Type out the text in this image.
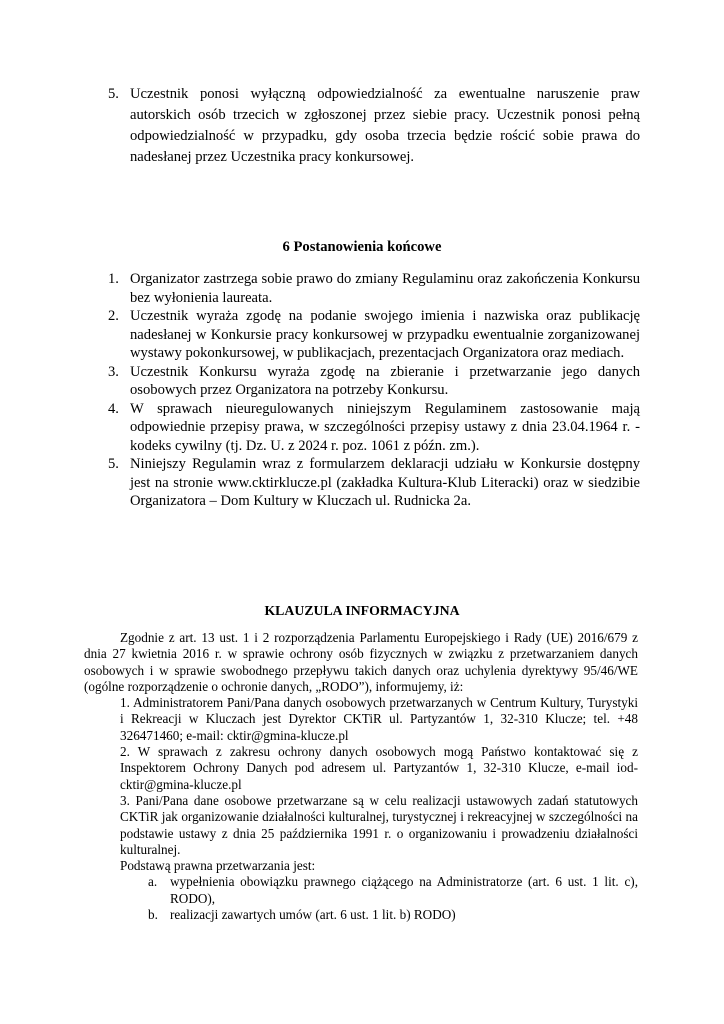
5. Uczestnik ponosi wyłączną odpowiedzialność za ewentualne naruszenie praw autorskich osób trzecich w zgłoszonej przez siebie pracy. Uczestnik ponosi pełną odpowiedzialność w przypadku, gdy osoba trzecia będzie rościć sobie prawa do nadesłanej przez Uczestnika pracy konkursowej.
6 Postanowienia końcowe
1. Organizator zastrzega sobie prawo do zmiany Regulaminu oraz zakończenia Konkursu bez wyłonienia laureata.
2. Uczestnik wyraża zgodę na podanie swojego imienia i nazwiska oraz publikację nadesłanej w Konkursie pracy konkursowej w przypadku ewentualnie zorganizowanej wystawy pokonkursowej, w publikacjach, prezentacjach Organizatora oraz mediach.
3. Uczestnik Konkursu wyraża zgodę na zbieranie i przetwarzanie jego danych osobowych przez Organizatora na potrzeby Konkursu.
4. W sprawach nieuregulowanych niniejszym Regulaminem zastosowanie mają odpowiednie przepisy prawa, w szczególności przepisy ustawy z dnia 23.04.1964 r. - kodeks cywilny (tj. Dz. U. z 2024 r. poz. 1061 z późn. zm.).
5. Niniejszy Regulamin wraz z formularzem deklaracji udziału w Konkursie dostępny jest na stronie www.cktirklucze.pl (zakładka Kultura-Klub Literacki) oraz w siedzibie Organizatora – Dom Kultury w Kluczach ul. Rudnicka 2a.
KLAUZULA INFORMACYJNA

Zgodnie z art. 13 ust. 1 i 2 rozporządzenia Parlamentu Europejskiego i Rady (UE) 2016/679 z dnia 27 kwietnia 2016 r. w sprawie ochrony osób fizycznych w związku z przetwarzaniem danych osobowych i w sprawie swobodnego przepływu takich danych oraz uchylenia dyrektywy 95/46/WE (ogólne rozporządzenie o ochronie danych, „RODO”), informujemy, iż:

1. Administratorem Pani/Pana danych osobowych przetwarzanych w Centrum Kultury, Turystyki i Rekreacji w Kluczach jest Dyrektor CKTiR ul. Partyzantów 1, 32-310 Klucze; tel. +48 326471460; e-mail: cktir@gmina-klucze.pl

2. W sprawach z zakresu ochrony danych osobowych mogą Państwo kontaktować się z Inspektorem Ochrony Danych pod adresem ul. Partyzantów 1, 32-310 Klucze, e-mail iod-cktir@gmina-klucze.pl

3. Pani/Pana dane osobowe przetwarzane są w celu realizacji ustawowych zadań statutowych CKTiR jak organizowanie działalności kulturalnej, turystycznej i rekreacyjnej w szczególności na podstawie ustawy z dnia 25 października 1991 r. o organizowaniu i prowadzeniu działalności kulturalnej.

Podstawą prawna przetwarzania jest:

a. wypełnienia obowiązku prawnego ciążącego na Administratorze (art. 6 ust. 1 lit. c), RODO),
b. realizacji zawartych umów (art. 6 ust. 1 lit. b) RODO)
